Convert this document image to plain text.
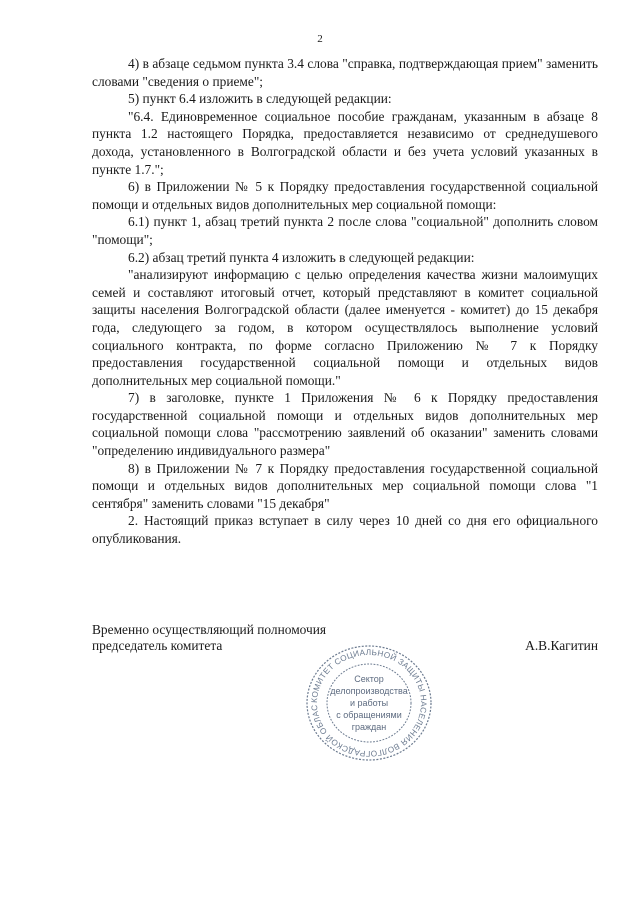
2

4) в абзаце седьмом пункта 3.4 слова "справка, подтверждающая прием" заменить словами "сведения о приеме";

5) пункт 6.4 изложить в следующей редакции:

"6.4. Единовременное социальное пособие гражданам, указанным в абзаце 8 пункта 1.2 настоящего Порядка, предоставляется независимо от среднедушевого дохода, установленного в Волгоградской области и без учета условий указанных в пункте 1.7.";

6) в Приложении № 5 к Порядку предоставления государственной социальной помощи и отдельных видов дополнительных мер социальной помощи:

6.1) пункт 1, абзац третий пункта 2 после слова "социальной" дополнить словом "помощи";

6.2) абзац третий пункта 4 изложить в следующей редакции:

"анализируют информацию с целью определения качества жизни малоимущих семей и составляют итоговый отчет, который представляют в комитет социальной защиты населения Волгоградской области (далее именуется - комитет) до 15 декабря года, следующего за годом, в котором осуществлялось выполнение условий социального контракта, по форме согласно Приложению № 7 к Порядку предоставления государственной социальной помощи и отдельных видов дополнительных мер социальной помощи."

7) в заголовке, пункте 1 Приложения № 6 к Порядку предоставления государственной социальной помощи и отдельных видов дополнительных мер социальной помощи слова "рассмотрению заявлений об оказании" заменить словами "определению индивидуального размера"

8) в Приложении № 7 к Порядку предоставления государственной социальной помощи и отдельных видов дополнительных мер социальной помощи слова "1 сентября" заменить словами "15 декабря"

2. Настоящий приказ вступает в силу через 10 дней со дня его официального опубликования.

Временно осуществляющий полномочия
председатель комитета	А.В.Кагитин
КОМИТЕТ СОЦИАЛЬНОЙ ЗАЩИТЫ НАСЕЛЕНИЯ ВОЛГОГРАДСКОЙ ОБЛАС
Сектор
делопроизводства
и работы
с обращениями
граждан
